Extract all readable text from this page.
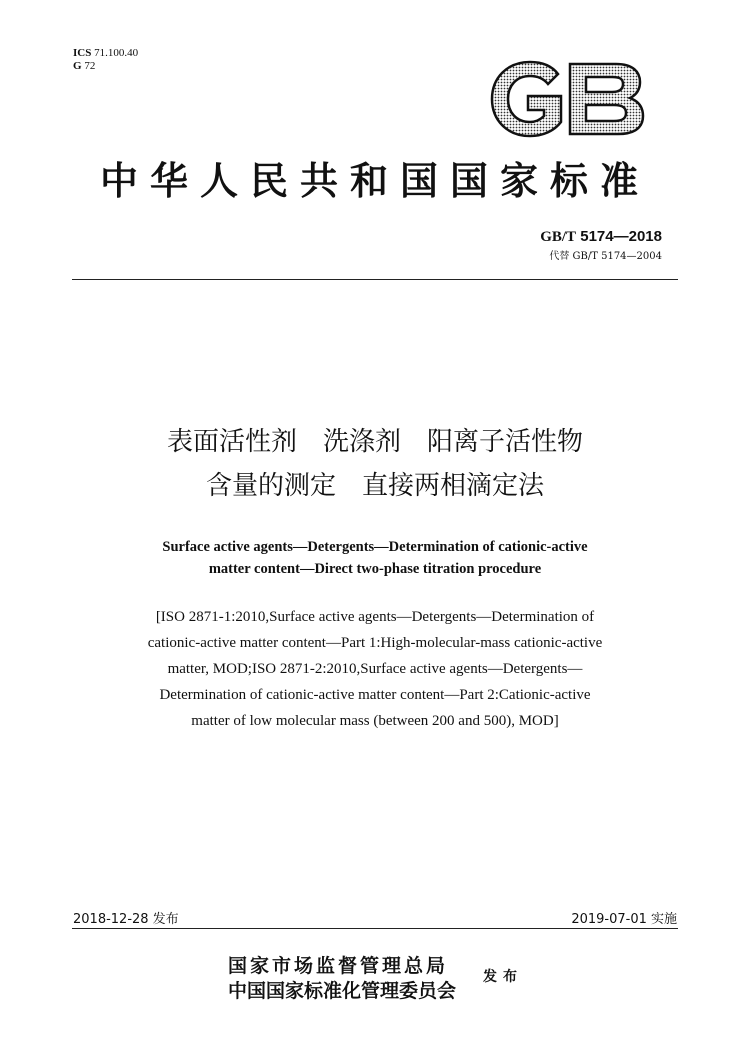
ICS 71.100.40
G 72
中华人民共和国国家标准
GB/T 5174—2018
代替 GB/T 5174—2004
表面活性剂　洗涤剂　阳离子活性物
含量的测定　直接两相滴定法
Surface active agents—Detergents—Determination of cationic-active
matter content—Direct two-phase titration procedure
[ISO 2871-1:2010,Surface active agents—Detergents—Determination of
cationic-active matter content—Part 1:High-molecular-mass cationic-active
matter, MOD;ISO 2871-2:2010,Surface active agents—Detergents—
Determination of cationic-active matter content—Part 2:Cationic-active
matter of low molecular mass (between 200 and 500), MOD]
2018-12-28 发布	2019-07-01 实施
国家市场监督管理总局
中国国家标准化管理委员会
发布
